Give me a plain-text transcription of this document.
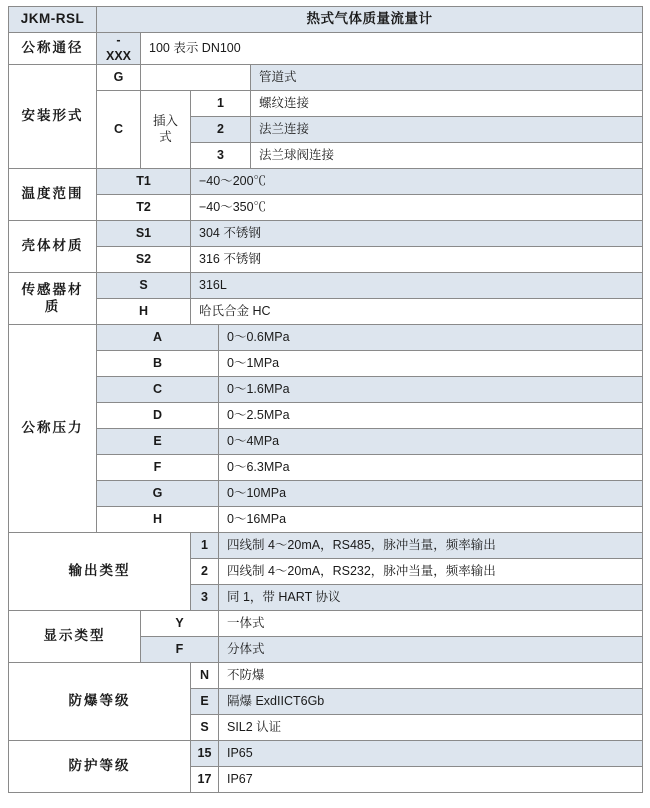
JKM-RSL	热式气体质量流量计				

公称通径	-XXX	100 表示 DN100			

安装形式	G				管道式

C	插入式	1		螺纹连接

2		法兰连接

3		法兰球阀连接

温度范围	T1		−40～200℃		

T2		−40～350℃		

壳体材质	S1		304 不锈钢		

S2		316 不锈钢		

传感器材质	S		316L		

H		哈氏合金 HC		

公称压力	A			0～0.6MPa	

B			0～1MPa	

C			0～1.6MPa	

D			0～2.5MPa	

E			0～4MPa	

F			0～6.3MPa	

G			0～10MPa	

H			0～16MPa	

输出类型			1	四线制 4～20mA，RS485，脉冲当量，频率输出	

2	四线制 4～20mA，RS232，脉冲当量，频率输出	

3	同 1，带 HART 协议	

显示类型		Y		一体式	

F		分体式	

防爆等级			N	不防爆	

E	隔爆 ExdIICT6Gb	

S	SIL2 认证	

防护等级			15	IP65	

17	IP67	
